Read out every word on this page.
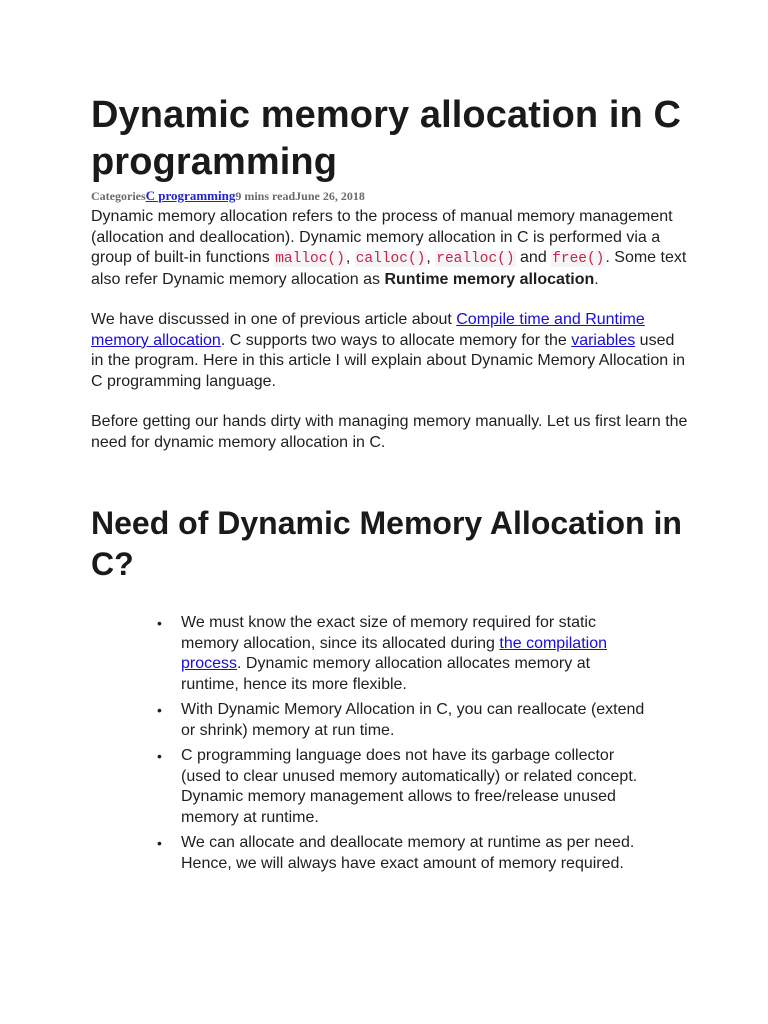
Dynamic memory allocation in C programming
CategoriesC programming9 mins readJune 26, 2018

Dynamic memory allocation refers to the process of manual memory management (allocation and deallocation). Dynamic memory allocation in C is performed via a group of built-in functions malloc(), calloc(), realloc() and free(). Some text also refer Dynamic memory allocation as Runtime memory allocation.

We have discussed in one of previous article about Compile time and Runtime memory allocation. C supports two ways to allocate memory for the variables used in the program. Here in this article I will explain about Dynamic Memory Allocation in C programming language.

Before getting our hands dirty with managing memory manually. Let us first learn the need for dynamic memory allocation in C.

Need of Dynamic Memory Allocation in C?
• We must know the exact size of memory required for static memory allocation, since its allocated during the compilation process. Dynamic memory allocation allocates memory at runtime, hence its more flexible.
• With Dynamic Memory Allocation in C, you can reallocate (extend or shrink) memory at run time.
• C programming language does not have its garbage collector (used to clear unused memory automatically) or related concept. Dynamic memory management allows to free/release unused memory at runtime.
• We can allocate and deallocate memory at runtime as per need. Hence, we will always have exact amount of memory required.
